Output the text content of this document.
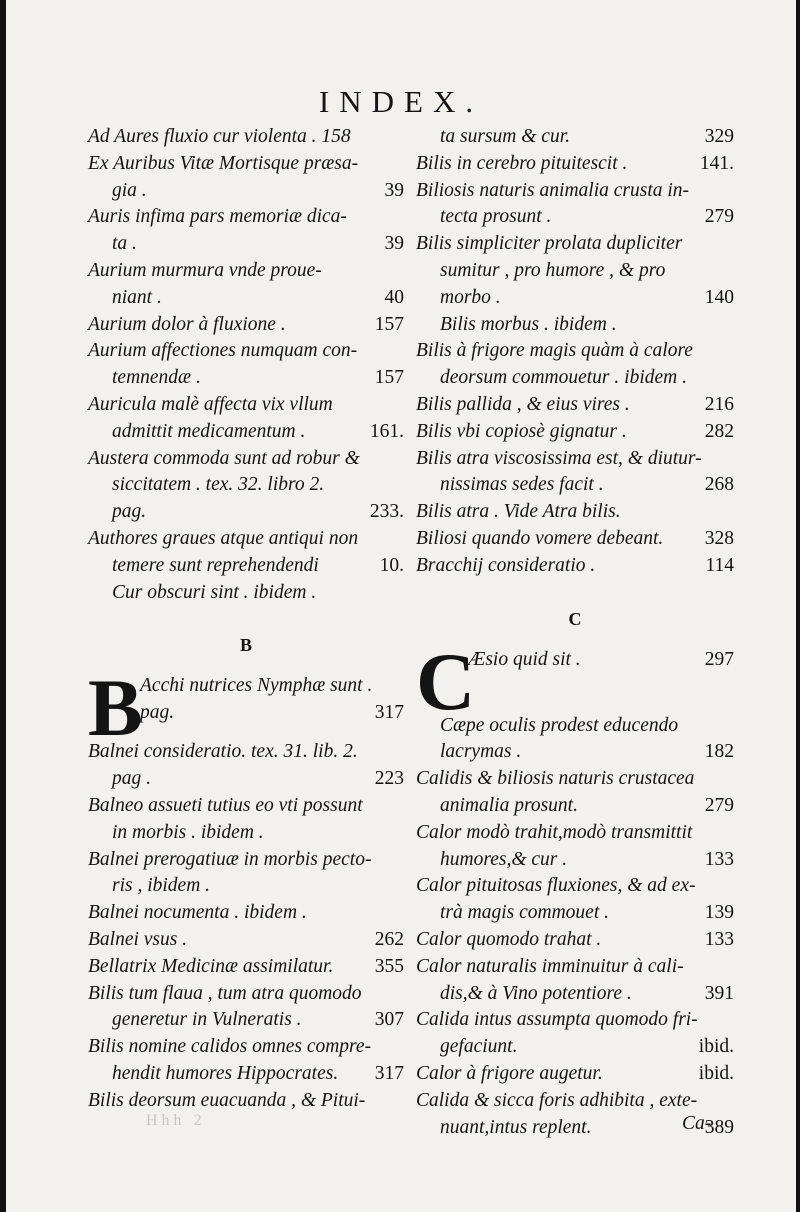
INDEX.
Ad Aures fluxio cur violenta . 158
Ex Auribus Vitæ Mortisque præsa-
gia .	39
Auris infima pars memoriæ dica-
ta .	39
Aurium murmura vnde proue-
niant .	40
Aurium dolor à fluxione .	157
Aurium affectiones numquam con-
temnendæ .	157
Auricula malè affecta vix vllum
admittit medicamentum .	161.
Austera commoda sunt ad robur &
siccitatem . tex. 32. libro 2.
pag.	233.
Authores graues atque antiqui non
temere sunt reprehendendi	10.
Cur obscuri sint . ibidem .
B
B
Acchi nutrices Nymphæ sunt .
pag.	317
Balnei consideratio. tex. 31. lib. 2.
pag .	223
Balneo assueti tutius eo vti possunt
in morbis . ibidem .
Balnei prerogatiuæ in morbis pecto-
ris , ibidem .
Balnei nocumenta . ibidem .
Balnei vsus .	262
Bellatrix Medicinæ assimilatur.	355
Bilis tum flaua , tum atra quomodo
generetur in Vulneratis .	307
Bilis nomine calidos omnes compre-
hendit humores Hippocrates.	317
Bilis deorsum euacuanda , & Pitui-
ta sursum & cur.	329
Bilis in cerebro pituitescit .	141.
Biliosis naturis animalia crusta in-
tecta prosunt .	279
Bilis simpliciter prolata dupliciter
sumitur , pro humore , & pro
morbo .	140
Bilis morbus . ibidem .
Bilis à frigore magis quàm à calore
deorsum commouetur . ibidem .
Bilis pallida , & eius vires .	216
Bilis vbi copiosè gignatur .	282
Bilis atra viscosissima est, & diutur-
nissimas sedes facit .	268
Bilis atra . Vide Atra bilis.
Biliosi quando vomere debeant.	328
Bracchij consideratio .	114
C
C
Æsio quid sit .	297
Cæpe oculis prodest educendo
lacrymas .	182
Calidis & biliosis naturis crustacea
animalia prosunt.	279
Calor modò trahit,modò transmittit
humores,& cur .	133
Calor pituitosas fluxiones, & ad ex-
trà magis commouet .	139
Calor quomodo trahat .	133
Calor naturalis imminuitur à cali-
dis,& à Vino potentiore .	391
Calida intus assumpta quomodo fri-
gefaciunt.	ibid.
Calor à frigore augetur.	ibid.
Calida & sicca foris adhibita , exte-
nuant,intus replent.	389
Ca-
Hhh 2
